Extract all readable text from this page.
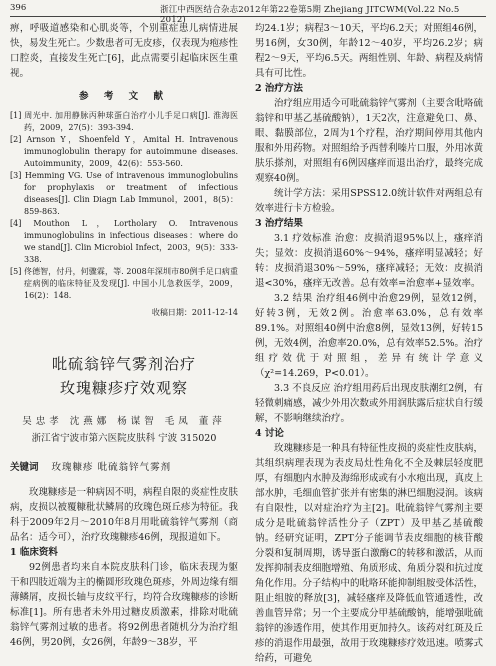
396	浙江中西医结合杂志2012年第22卷第5期 Zhejiang JITCWM(Vol.22 No.5 2012)

痹，呼吸道感染和心肌炎等，个别重症患儿病情进展快，易发生死亡。少数患者可无皮疹，仅表现为疱疹性口腔炎，直接发生死亡[6]，此点需要引起临床医生重视。

参 考 文 献
[1] 周光中. 加用静脉丙种球蛋白治疗小儿手足口病[J]. 淮海医药，2009，27(5)：393-394.
[2] Arnson Y，Shoenfeld Y，Amital H. Intravenous immunoglobulin therapy for autoimmune diseases. Autoimmunity，2009，42(6)：553-560.
[3] Hemming VG. Use of intravenous immunoglobulins for prophylaxis or treatment of infectious diseases[J]. Clin Diagn Lab Immunol，2001，8(5)：859-863.
[4] Mouthon L，Lortholary O. Intravenous immunoglobulins in infectious diseases：where do we stand[J]. Clin Microbiol Infect，2003，9(5)：333-338.
[5] 佟德智，付丹，何骤霖，等. 2008年深圳市80例手足口病重症病例的临床特征及发现[J]. 中国小儿急救医学，2009，16(2)：148.
收稿日期：2011-12-14
吡硫翁锌气雾剂治疗
玫瑰糠疹疗效观察
吴忠孝 沈燕娜 杨谋智 毛凤 董萍
浙江省宁波市第六医院皮肤科 宁波 315020
关键词 玫瑰糠疹 吡硫翁锌气雾剂

玫瑰糠疹是一种病因不明，病程自限的炎症性皮肤病，皮损以被覆糠秕状鳞屑的玫瑰色斑丘疹为特征。我科于2009年2月～2010年8月用吡硫翁锌气雾剂（商品名：适今可），治疗玫瑰糠疹46例，现报道如下。

1 临床资料

92例患者均来自本院皮肤科门诊，临床表现为躯干和四肢近端为主的椭圆形玫瑰色斑疹，外周边缘有细薄鳞屑，皮损长轴与皮纹平行，均符合玫瑰糠疹的诊断标准[1]。所有患者未外用过糖皮质激素，排除对吡硫翁锌气雾剂过敏的患者。将92例患者随机分为治疗组46例，男20例，女26例，年龄9～38岁，平

均24.1岁；病程3～10天，平均6.2天；对照组46例，男16例，女30例，年龄12～40岁，平均26.2岁；病程2～9天，平均6.5天。两组性别、年龄、病程及病情具有可比性。

2 治疗方法

治疗组应用适今可吡硫翁锌气雾剂（主要含吡咯硫翁锌和甲基乙基硫酸钠），1天2次，注意避免口、鼻、眼、黏膜部位，2周为1个疗程，治疗期间停用其他内服和外用药物。对照组给予西替利嗪片口服，外用冰黄肤乐搽剂，对照组有6例因瘙痒而退出治疗，最终完成观察40例。

统计学方法：采用SPSS12.0统计软件对两组总有效率进行卡方检验。

3 治疗结果

3.1 疗效标准 治愈：皮损消退95%以上，瘙痒消失；显效：皮损消退60%～94%，瘙痒明显减轻；好转：皮损消退30%～59%，瘙痒减轻；无效：皮损消退<30%，瘙痒无改善。总有效率=治愈率+显效率。

3.2 结果 治疗组46例中治愈29例，显效12例，好转3例，无效2例。治愈率63.0%，总有效率89.1%。对照组40例中治愈8例，显效13例，好转15例，无效4例，治愈率20.0%，总有效率52.5%。治疗组疗效优于对照组，差异有统计学意义（χ²=14.269，P<0.01）。

3.3 不良反应 治疗组用药后出现皮肤潮红2例，有轻微刺痛感，减少外用次数或外用润肤露后症状自行缓解，不影响继续治疗。

4 讨论

玫瑰糠疹是一种具有特征性皮损的炎症性皮肤病，其组织病理表现为表皮局灶性角化不全及棘层轻度肥厚，有细胞内水肿及海绵形成或有小水疱出现，真皮上部水肿，毛细血管扩张并有密集的淋巴细胞浸润。该病有自限性，以对症治疗为主[2]。吡硫翁锌气雾剂主要成分是吡硫翁锌活性分子（ZPT）及甲基乙基硫酸钠。经研究证明，ZPT分子能调节表皮细胞的核苷酸分裂和复制周期，诱导蛋白激酶C的转移和激活，从而发挥抑制表皮细胞增殖、角质形成、角质分裂和抗过度角化作用。分子结构中的吡咯环能抑制组胺受体活性，阻止组胺的释放[3]，减轻瘙痒及降低血管通透性，改善血管异常；另一个主要成分甲基硫酸钠，能增强吡硫翁锌的渗透作用，使其作用更加持久。该药对红斑及丘疹的消退作用最强，故用于玫瑰糠疹疗效迅速。喷雾式给药，可避免
